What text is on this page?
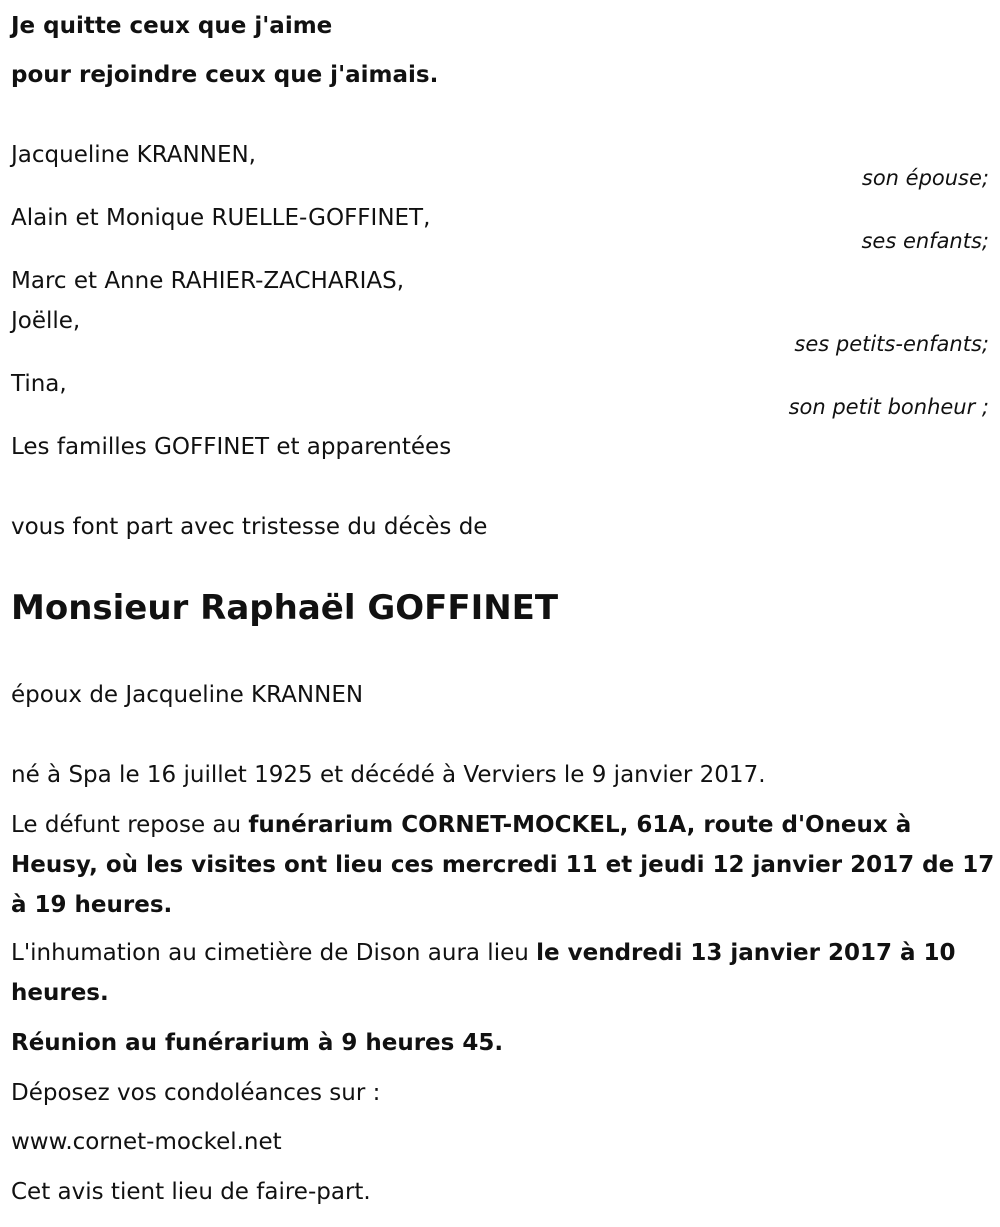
Je quitte ceux que j'aime
pour rejoindre ceux que j'aimais.
Jacqueline KRANNEN,
son épouse;
Alain et Monique RUELLE-GOFFINET,
ses enfants;
Marc et Anne RAHIER-ZACHARIAS,
Joëlle,
ses petits-enfants;
Tina,
son petit bonheur ;
Les familles GOFFINET et apparentées
vous font part avec tristesse du décès de
Monsieur Raphaël GOFFINET
époux de Jacqueline KRANNEN
né à Spa le 16 juillet 1925 et décédé à Verviers le 9 janvier 2017.
Le défunt repose au funérarium CORNET-MOCKEL, 61A, route d'Oneux à Heusy, où les visites ont lieu ces mercredi 11 et jeudi 12 janvier 2017 de 17 à 19 heures.
L'inhumation au cimetière de Dison aura lieu le vendredi 13 janvier 2017 à 10 heures.
Réunion au funérarium à 9 heures 45.
Déposez vos condoléances sur :
www.cornet-mockel.net
Cet avis tient lieu de faire-part.
